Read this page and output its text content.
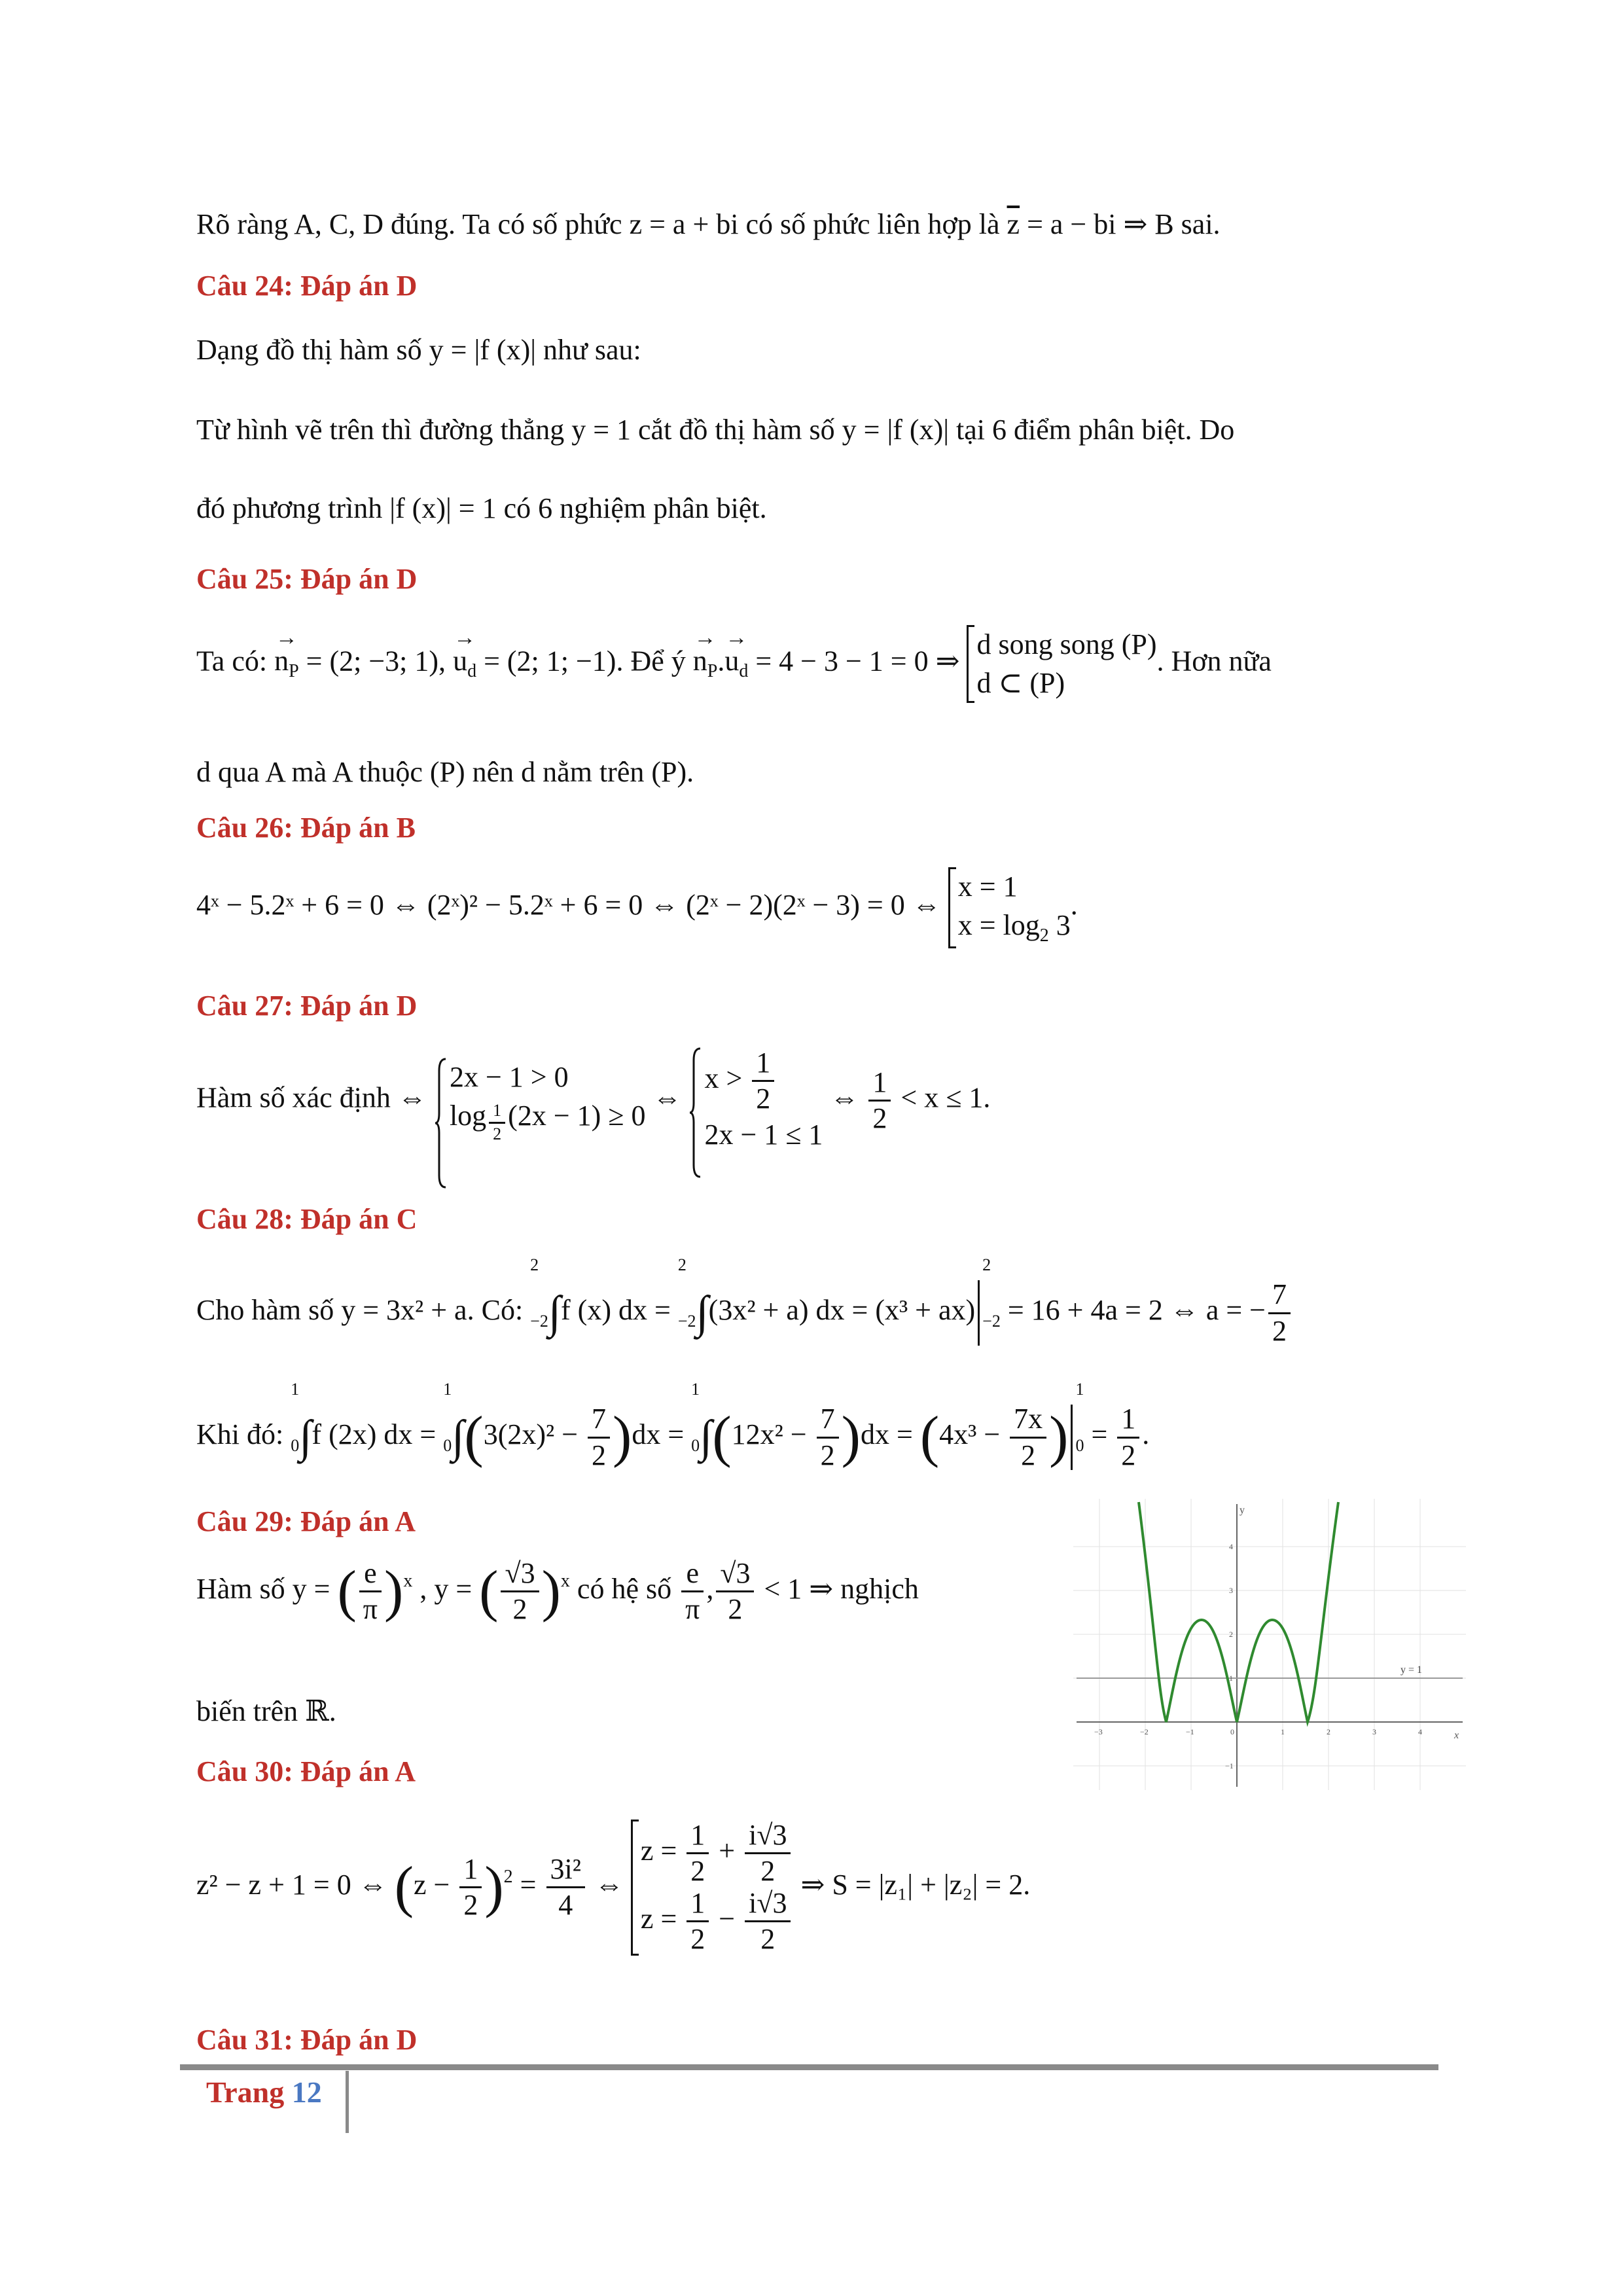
Rõ ràng A, C, D đúng. Ta có số phức z = a + bi có số phức liên hợp là $\overline{z} = a$ − bi ⇒ B sai.
Câu 24: Đáp án D
Dạng đồ thị hàm số y = |f (x)| như sau:
Từ hình vẽ trên thì đường thẳng y = 1 cắt đồ thị hàm số y = |f (x)| tại 6 điểm phân biệt. Do
đó phương trình |f (x)| = 1 có 6 nghiệm phân biệt.
Câu 25: Đáp án D
Ta có: → $n_P = (2$; −3; 1), → $u_d = (2$; 1; −1). Để ý → $n_P.\to u_d = 4 - 3 - 1 = 0$ ⇒
d song song (P)
d ⊂ (P)
. Hơn nữa
d qua A mà A thuộc (P) nên d nằm trên (P).
Câu 26: Đáp án B
4ˣ − 5.2ˣ + 6 = 0 ⇔ (2ˣ)² − 5.2ˣ + 6 = 0 ⇔ (2ˣ − 2)(2ˣ − 3) = 0 ⇔
x = 1
$x = \log_2 3$
.
Câu 27: Đáp án D
Hàm số xác định ⇔
2x − 1 > 0
$\log \frac{1}{2} (2x - 1) \ge 0$
⇔
$x > \frac{1}{2}$
2x − 1 ≤ 1
⇔ $\frac{1}{2} < x \le 1$.
Câu 28: Đáp án C
Cho hàm số y = 3x² + a. Có:
2
−2 ∫f (x) dx =
2
−2 ∫(3x² + a) dx = (x³ + ax)
2
−2 = 16 + 4a = 2 ⇔ a = − $\frac{7}{2}$
Khi đó:
1
0 ∫f (2x) dx =
1
0 $\int(3(2x)^2 - \frac{7}{2} )dx$ =
1
0 $\int(12x^2 - \frac{7}{2} )dx = (4x^3 - \frac{7x}{2}$ )
1
$0 = \frac{1}{2}$ .
Câu 29: Đáp án A
Hàm số y = ( $\frac{e}{\pi} )^x$ , y = ( $\frac{√3}{2} )^x$ có hệ số $\frac{e}{\pi}$ , $\frac{√3}{2} < 1$ ⇒ nghịch
biến trên ℝ.
y
x
y = 1
−3	−2	−1	0	1	2	3	4
4
3
2
1
−1
Câu 30: Đáp án A
z² − z + 1 = 0 ⇔ $(z - \frac{1}{2} )^2 = \frac{\text{3i²}}{4}$ ⇔
$z = \frac{1}{2} + \frac{i√3}{2}$
$z = \frac{1}{2} - \frac{i√3}{2}$
⇒ S = |z₁| + |z₂| = 2.
Câu 31: Đáp án D
Trang 12
